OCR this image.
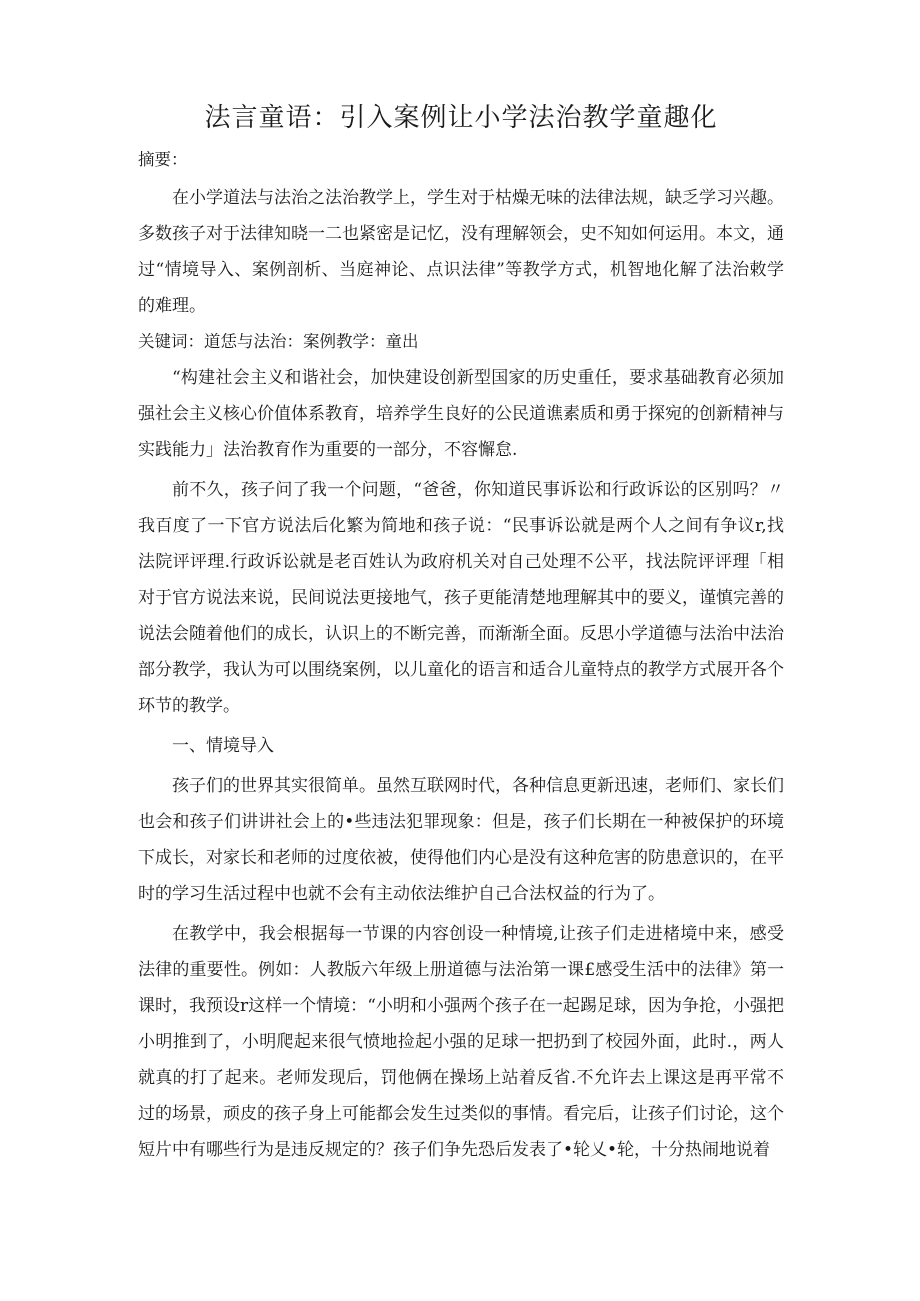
法言童语：引入案例让小学法治教学童趣化
摘要：

在小学道法与法治之法治教学上，学生对于枯燥无味的法律法规，缺乏学习兴趣。多数孩子对于法律知晓一二也紧密是记忆，没有理解领会，史不知如何运用。本文，通过“情境导入、案例剖析、当庭神论、点识法律”等教学方式，机智地化解了法治敕学的难理。

关键词：道恁与法治：案例教学：童出

“构建社会主义和谐社会，加快建设创新型国家的历史重任，要求基础教育必须加强社会主义核心价值体系教育，培养学生良好的公民道谯素质和勇于探宛的创新精神与实践能力」法治教育作为重要的一部分，不容懈怠.

前不久，孩子问了我一个问题，“爸爸，你知道民事诉讼和行政诉讼的区别吗？〃我百度了一下官方说法后化繁为简地和孩子说：“民事诉讼就是两个人之间有争议r,找法院评评理.行政诉讼就是老百姓认为政府机关对自己处理不公平，找法院评评理「相对于官方说法来说，民间说法更接地气，孩子更能清楚地理解其中的要义，谨慎完善的说法会随着他们的成长，认识上的不断完善，而渐渐全面。反思小学道德与法治中法治部分教学，我认为可以围绕案例，以儿童化的语言和适合儿童特点的教学方式展开各个环节的教学。

一、情境导入

孩子们的世界其实很简单。虽然互联网时代，各种信息更新迅速，老师们、家长们也会和孩子们讲讲社会上的•些违法犯罪现象：但是，孩子们长期在一种被保护的环境下成长，对家长和老师的过度依被，使得他们内心是没有这种危害的防患意识的，在平时的学习生活过程中也就不会有主动依法维护自己合法权益的行为了。

在教学中，我会根据每一节课的内容创设一种情境,让孩子们走进楮境中来，感受法律的重要性。例如：人教版六年级上册道德与法治第一课£感受生活中的法律》第一课时，我预设r这样一个情境：“小明和小强两个孩子在一起踢足球，因为争抢，小强把小明推到了，小明爬起来很气愤地捡起小强的足球一把扔到了校园外面，此时.，两人就真的打了起来。老师发现后，罚他俩在操场上站着反省.不允许去上课这是再平常不过的场景，顽皮的孩子身上可能都会发生过类似的事情。看完后，让孩子们讨论，这个短片中有哪些行为是违反规定的？孩子们争先恐后发表了•轮乂•轮，十分热闹地说着
